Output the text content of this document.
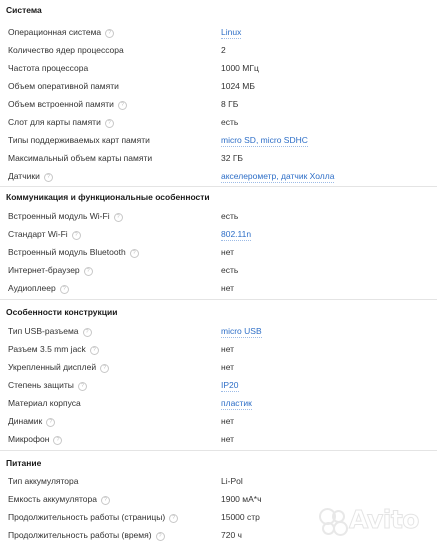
Система
Операционная система ?	Linux
Количество ядер процессора	2
Частота процессора	1000 МГц
Объем оперативной памяти	1024 МБ
Объем встроенной памяти ?	8 ГБ
Слот для карты памяти ?	есть
Типы поддерживаемых карт памяти	micro SD, micro SDHC
Максимальный объем карты памяти	32 ГБ
Датчики ?	акселерометр, датчик Холла
Коммуникация и функциональные особенности
Встроенный модуль Wi-Fi ?	есть
Стандарт Wi-Fi ?	802.11n
Встроенный модуль Bluetooth ?	нет
Интернет-браузер ?	есть
Аудиоплеер ?	нет
Особенности конструкции
Тип USB-разъема ?	micro USB
Разъем 3.5 mm jack ?	нет
Укрепленный дисплей ?	нет
Степень защиты ?	IP20
Материал корпуса	пластик
Динамик ?	нет
Микрофон ?	нет
Питание
Тип аккумулятора	Li-Pol
Емкость аккумулятора ?	1900 мА*ч
Продолжительность работы (страницы) ?	15000 стр
Продолжительность работы (время) ?	720 ч
Avito
